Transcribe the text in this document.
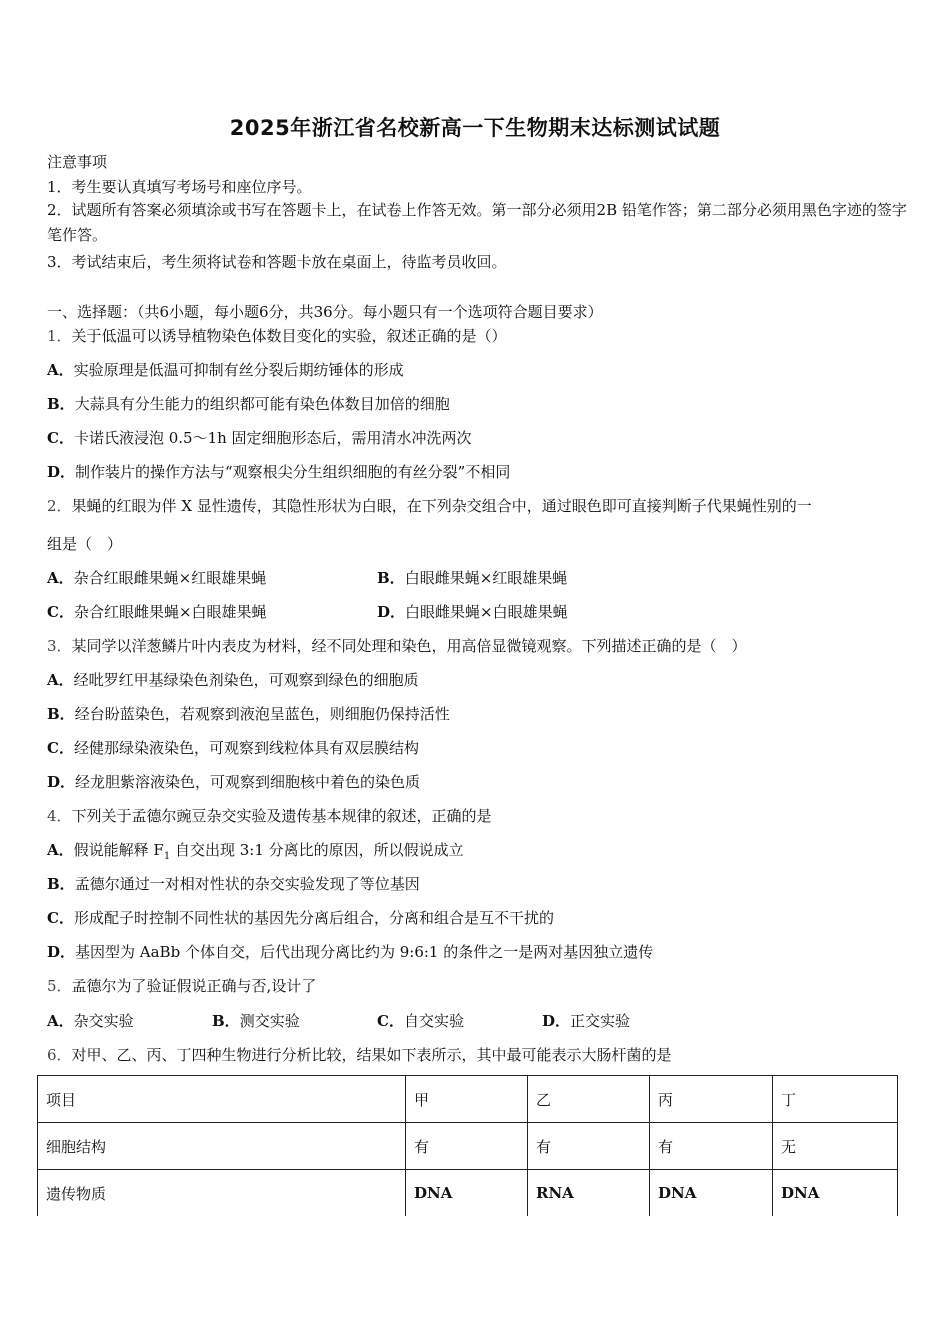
2025年浙江省名校新高一下生物期末达标测试试题
注意事项
1．考生要认真填写考场号和座位序号。
2．试题所有答案必须填涂或书写在答题卡上，在试卷上作答无效。第一部分必须用2B 铅笔作答；第二部分必须用黑色字迹的签字笔作答。
3．考试结束后，考生须将试卷和答题卡放在桌面上，待监考员收回。
一、选择题：（共6小题，每小题6分，共36分。每小题只有一个选项符合题目要求）
1．关于低温可以诱导植物染色体数目变化的实验，叙述正确的是（）
A．实验原理是低温可抑制有丝分裂后期纺锤体的形成
B．大蒜具有分生能力的组织都可能有染色体数目加倍的细胞
C．卡诺氏液浸泡 0.5～1h 固定细胞形态后，需用清水冲洗两次
D．制作装片的操作方法与“观察根尖分生组织细胞的有丝分裂”不相同
2．果蝇的红眼为伴 X 显性遗传，其隐性形状为白眼，在下列杂交组合中，通过眼色即可直接判断子代果蝇性别的一
组是（　）
A．杂合红眼雌果蝇×红眼雄果蝇	B．白眼雌果蝇×红眼雄果蝇
C．杂合红眼雌果蝇×白眼雄果蝇	D．白眼雌果蝇×白眼雄果蝇
3．某同学以洋葱鳞片叶内表皮为材料，经不同处理和染色，用高倍显微镜观察。下列描述正确的是（　）
A．经吡罗红甲基绿染色剂染色，可观察到绿色的细胞质
B．经台盼蓝染色，若观察到液泡呈蓝色，则细胞仍保持活性
C．经健那绿染液染色，可观察到线粒体具有双层膜结构
D．经龙胆紫溶液染色，可观察到细胞核中着色的染色质
4．下列关于孟德尔豌豆杂交实验及遗传基本规律的叙述，正确的是
A．假说能解释 $F_1$ 自交出现 3:1 分离比的原因，所以假说成立
B．孟德尔通过一对相对性状的杂交实验发现了等位基因
C．形成配子时控制不同性状的基因先分离后组合，分离和组合是互不干扰的
D．基因型为 AaBb 个体自交，后代出现分离比约为 9:6:1 的条件之一是两对基因独立遗传
5．孟德尔为了验证假说正确与否,设计了
A．杂交实验	B．测交实验	C．自交实验	D．正交实验
6．对甲、乙、丙、丁四种生物进行分析比较，结果如下表所示，其中最可能表示大肠杆菌的是
项目	甲	乙	丙	丁
细胞结构	有	有	有	无
遗传物质	DNA	RNA	DNA	DNA
